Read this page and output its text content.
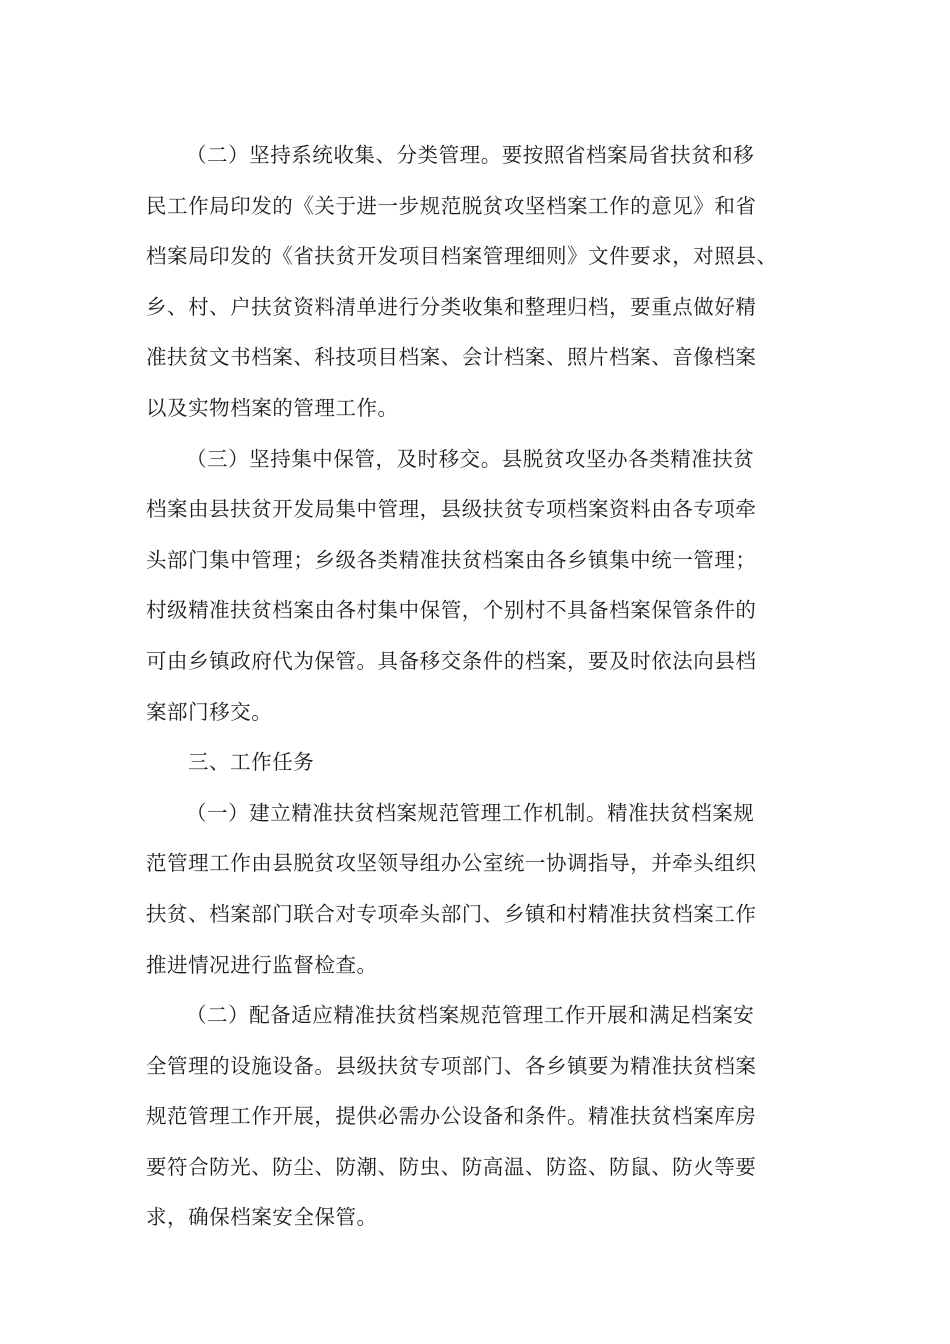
（二）坚持系统收集、分类管理。要按照省档案局省扶贫和移
民工作局印发的《关于进一步规范脱贫攻坚档案工作的意见》和省
档案局印发的《省扶贫开发项目档案管理细则》文件要求，对照县、
乡、村、户扶贫资料清单进行分类收集和整理归档，要重点做好精
准扶贫文书档案、科技项目档案、会计档案、照片档案、音像档案
以及实物档案的管理工作。
（三）坚持集中保管，及时移交。县脱贫攻坚办各类精准扶贫
档案由县扶贫开发局集中管理，县级扶贫专项档案资料由各专项牵
头部门集中管理；乡级各类精准扶贫档案由各乡镇集中统一管理；
村级精准扶贫档案由各村集中保管，个别村不具备档案保管条件的
可由乡镇政府代为保管。具备移交条件的档案，要及时依法向县档
案部门移交。
三、工作任务
（一）建立精准扶贫档案规范管理工作机制。精准扶贫档案规
范管理工作由县脱贫攻坚领导组办公室统一协调指导，并牵头组织
扶贫、档案部门联合对专项牵头部门、乡镇和村精准扶贫档案工作
推进情况进行监督检查。
（二）配备适应精准扶贫档案规范管理工作开展和满足档案安
全管理的设施设备。县级扶贫专项部门、各乡镇要为精准扶贫档案
规范管理工作开展，提供必需办公设备和条件。精准扶贫档案库房
要符合防光、防尘、防潮、防虫、防高温、防盗、防鼠、防火等要
求，确保档案安全保管。
